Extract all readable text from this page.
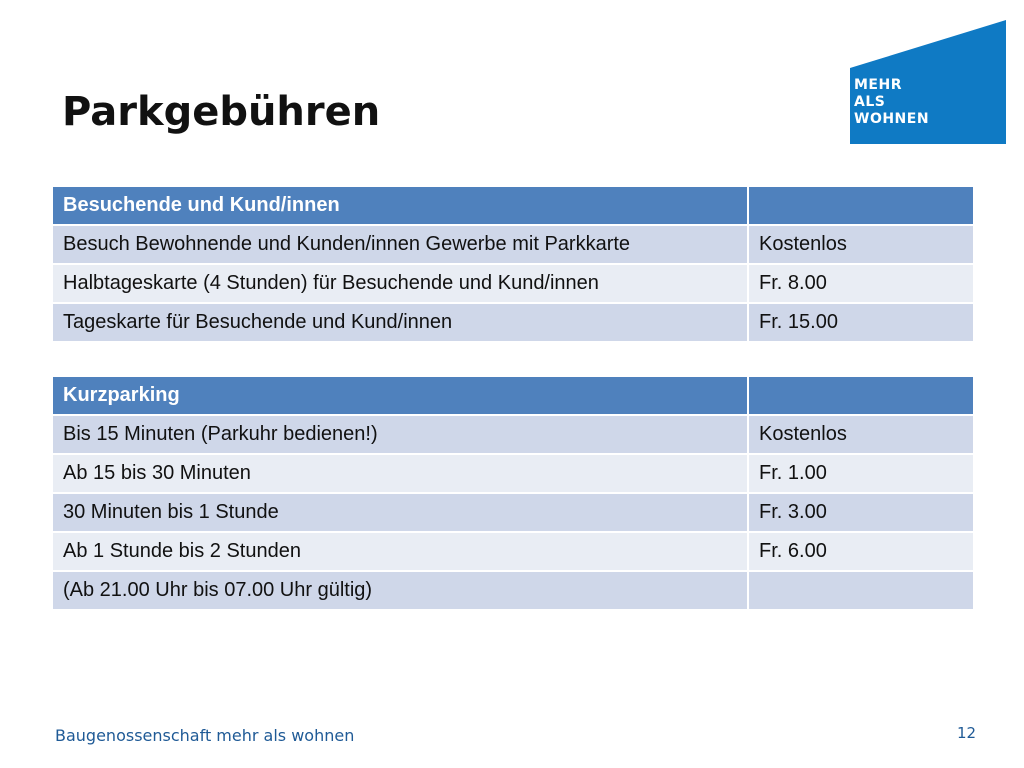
Parkgebühren
MEHR
ALS
WOHNEN
Besuchende und Kund/innen	
Besuch Bewohnende und Kunden/innen Gewerbe mit Parkkarte	Kostenlos
Halbtageskarte (4 Stunden) für Besuchende und Kund/innen	Fr. 8.00
Tageskarte für Besuchende und Kund/innen	Fr. 15.00
Kurzparking	
Bis 15 Minuten (Parkuhr bedienen!)	Kostenlos
Ab 15 bis 30 Minuten	Fr. 1.00
30 Minuten bis 1 Stunde	Fr. 3.00
Ab 1 Stunde bis 2 Stunden	Fr. 6.00
(Ab 21.00 Uhr bis 07.00 Uhr gültig)	
Baugenossenschaft mehr als wohnen	12
